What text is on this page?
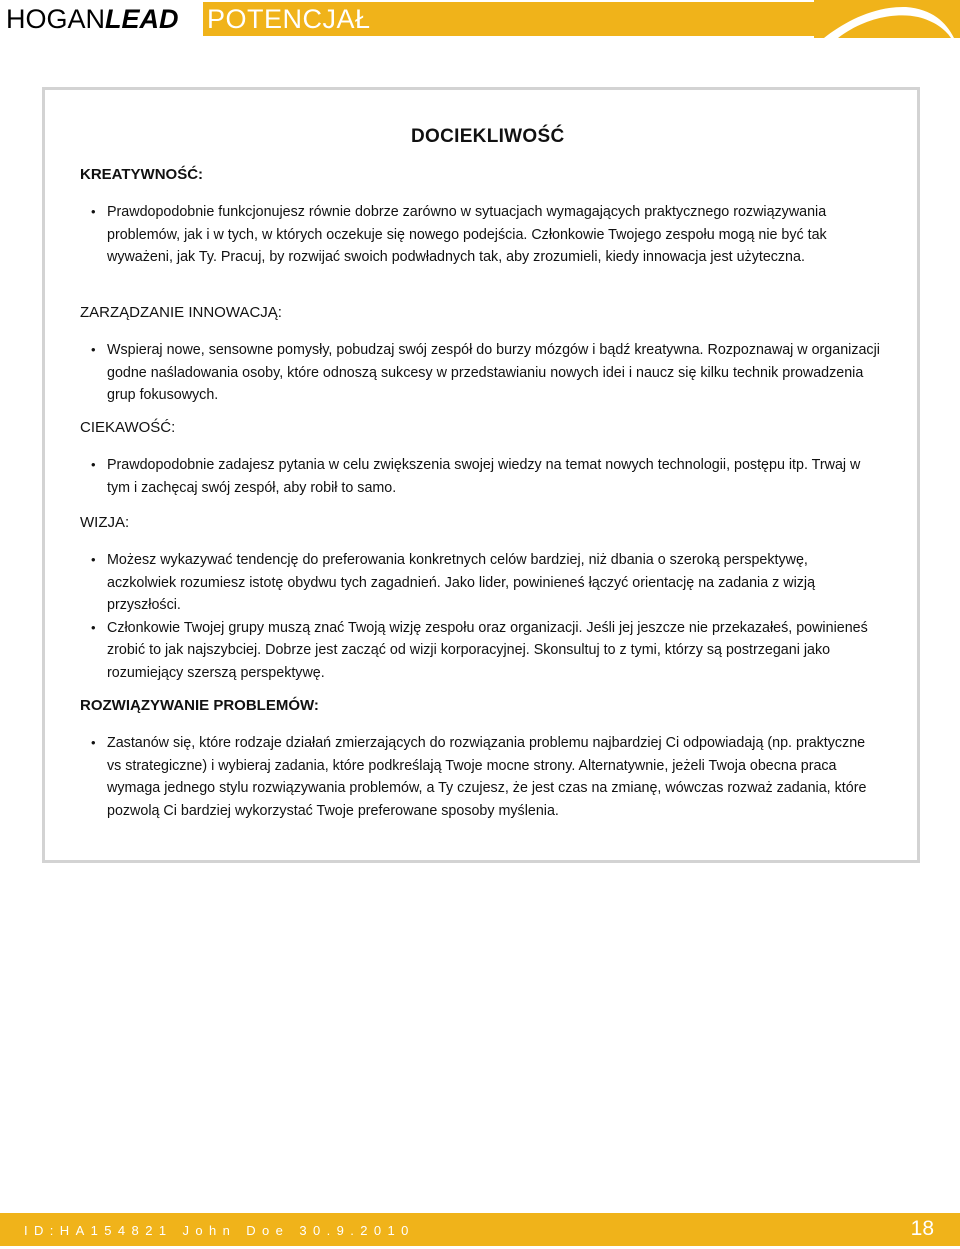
HOGANLEAD POTENCJAŁ
DOCIEKLIWOŚĆ
KREATYWNOŚĆ:
• Prawdopodobnie funkcjonujesz równie dobrze zarówno w sytuacjach wymagających praktycznego rozwiązywania problemów, jak i w tych, w których oczekuje się nowego podejścia. Członkowie Twojego zespołu mogą nie być tak wyważeni, jak Ty. Pracuj, by rozwijać swoich podwładnych tak, aby zrozumieli, kiedy innowacja jest użyteczna.
ZARZĄDZANIE INNOWACJĄ:
• Wspieraj nowe, sensowne pomysły, pobudzaj swój zespół do burzy mózgów i bądź kreatywna. Rozpoznawaj w organizacji godne naśladowania osoby, które odnoszą sukcesy w przedstawianiu nowych idei i naucz się kilku technik prowadzenia grup fokusowych.
CIEKAWOŚĆ:
• Prawdopodobnie zadajesz pytania w celu zwiększenia swojej wiedzy na temat nowych technologii, postępu itp. Trwaj w tym i zachęcaj swój zespół, aby robił to samo.
WIZJA:
• Możesz wykazywać tendencję do preferowania konkretnych celów bardziej, niż dbania o szeroką perspektywę, aczkolwiek rozumiesz istotę obydwu tych zagadnień. Jako lider, powinieneś łączyć orientację na zadania z wizją przyszłości.
• Członkowie Twojej grupy muszą znać Twoją wizję zespołu oraz organizacji. Jeśli jej jeszcze nie przekazałeś, powinieneś zrobić to jak najszybciej. Dobrze jest zacząć od wizji korporacyjnej. Skonsultuj to z tymi, którzy są postrzegani jako rozumiejący szerszą perspektywę.
ROZWIĄZYWANIE PROBLEMÓW:
• Zastanów się, które rodzaje działań zmierzających do rozwiązania problemu najbardziej Ci odpowiadają (np. praktyczne vs strategiczne) i wybieraj zadania, które podkreślają Twoje mocne strony. Alternatywnie, jeżeli Twoja obecna praca wymaga jednego stylu rozwiązywania problemów, a Ty czujesz, że jest czas na zmianę, wówczas rozważ zadania, które pozwolą Ci bardziej wykorzystać Twoje preferowane sposoby myślenia.
ID:HA154821 John Doe 30.9.2010	18
